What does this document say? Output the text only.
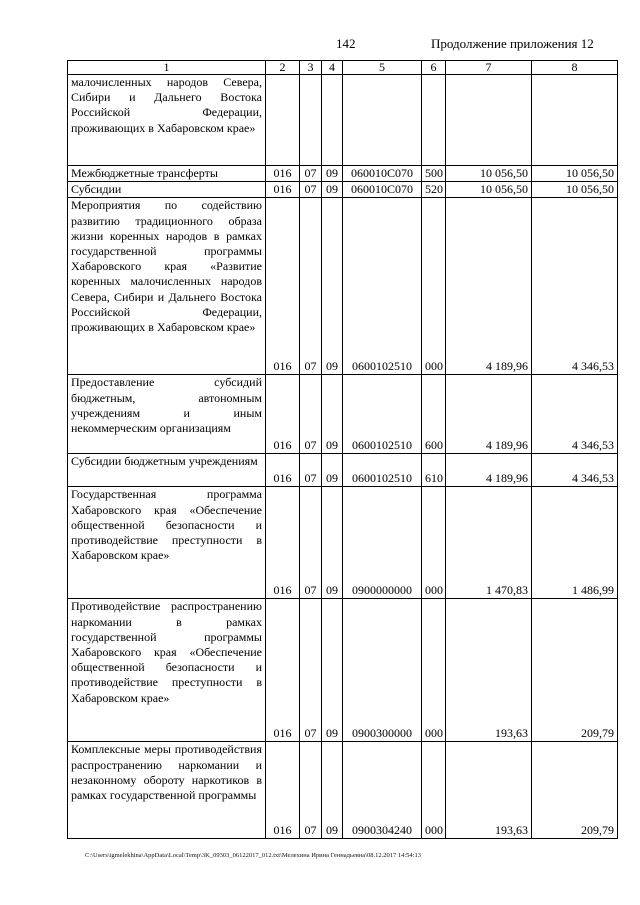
142	Продолжение приложения 12
1	2	3	4	5	6	7	8
малочисленных народов Севера, Сибири и Дальнего Востока Российской Федерации, проживающих в Хабаровском крае»							
Межбюджетные трансферты	016	07	09	060010С070	500	10 056,50	10 056,50
Субсидии	016	07	09	060010С070	520	10 056,50	10 056,50
Мероприятия по содействию развитию традиционного образа жизни коренных народов в рамках государственной программы Хабаровского края «Развитие коренных малочисленных народов Севера, Сибири и Дальнего Востока Российской Федерации, проживающих в Хабаровском крае»	016	07	09	0600102510	000	4 189,96	4 346,53
Предоставление субсидий бюджетным, автономным учреждениям и иным некоммерческим организациям	016	07	09	0600102510	600	4 189,96	4 346,53
Субсидии бюджетным учреждениям	016	07	09	0600102510	610	4 189,96	4 346,53
Государственная программа Хабаровского края «Обеспечение общественной безопасности и противодействие преступности в Хабаровском крае»	016	07	09	0900000000	000	1 470,83	1 486,99
Противодействие распространению наркомании в рамках государственной программы Хабаровского края «Обеспечение общественной безопасности и противодействие преступности в Хабаровском крае»	016	07	09	0900300000	000	193,63	209,79
Комплексные меры противодействия распространению наркомании и незаконному обороту наркотиков в рамках государственной программы	016	07	09	0900304240	000	193,63	209,79
C:\Users\igmelekhina\AppData\Local\Temp\3K_09303_06122017_012.txt\Мелехина Ирина Геннадьевна\08.12.2017 14:54:13
